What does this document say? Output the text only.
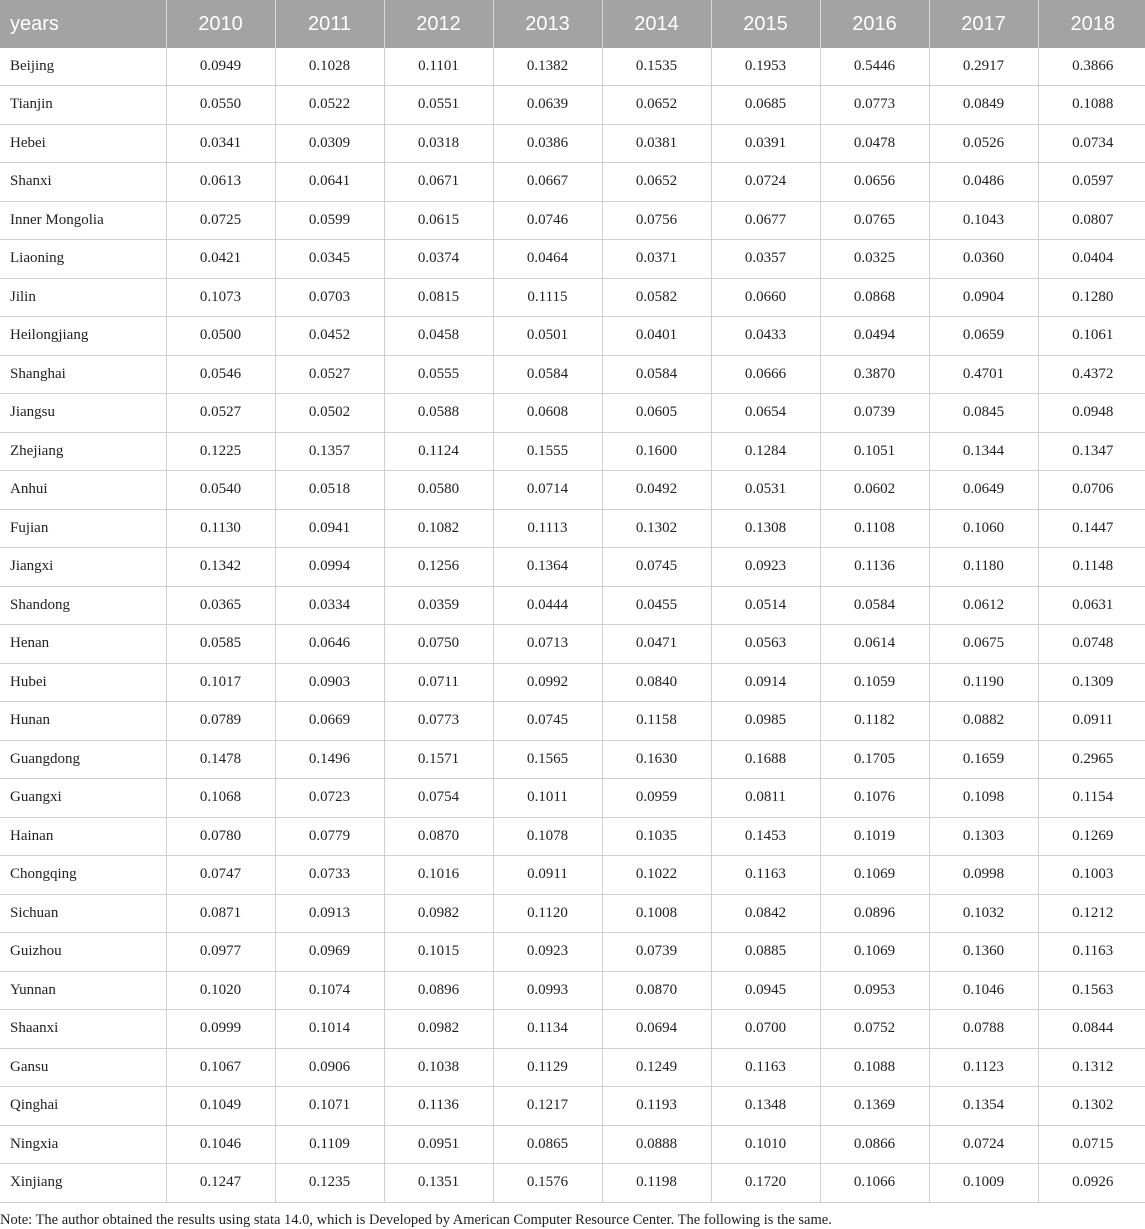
years	2010	2011	2012	2013	2014	2015	2016	2017	2018
Beijing	0.0949	0.1028	0.1101	0.1382	0.1535	0.1953	0.5446	0.2917	0.3866
Tianjin	0.0550	0.0522	0.0551	0.0639	0.0652	0.0685	0.0773	0.0849	0.1088
Hebei	0.0341	0.0309	0.0318	0.0386	0.0381	0.0391	0.0478	0.0526	0.0734
Shanxi	0.0613	0.0641	0.0671	0.0667	0.0652	0.0724	0.0656	0.0486	0.0597
Inner Mongolia	0.0725	0.0599	0.0615	0.0746	0.0756	0.0677	0.0765	0.1043	0.0807
Liaoning	0.0421	0.0345	0.0374	0.0464	0.0371	0.0357	0.0325	0.0360	0.0404
Jilin	0.1073	0.0703	0.0815	0.1115	0.0582	0.0660	0.0868	0.0904	0.1280
Heilongjiang	0.0500	0.0452	0.0458	0.0501	0.0401	0.0433	0.0494	0.0659	0.1061
Shanghai	0.0546	0.0527	0.0555	0.0584	0.0584	0.0666	0.3870	0.4701	0.4372
Jiangsu	0.0527	0.0502	0.0588	0.0608	0.0605	0.0654	0.0739	0.0845	0.0948
Zhejiang	0.1225	0.1357	0.1124	0.1555	0.1600	0.1284	0.1051	0.1344	0.1347
Anhui	0.0540	0.0518	0.0580	0.0714	0.0492	0.0531	0.0602	0.0649	0.0706
Fujian	0.1130	0.0941	0.1082	0.1113	0.1302	0.1308	0.1108	0.1060	0.1447
Jiangxi	0.1342	0.0994	0.1256	0.1364	0.0745	0.0923	0.1136	0.1180	0.1148
Shandong	0.0365	0.0334	0.0359	0.0444	0.0455	0.0514	0.0584	0.0612	0.0631
Henan	0.0585	0.0646	0.0750	0.0713	0.0471	0.0563	0.0614	0.0675	0.0748
Hubei	0.1017	0.0903	0.0711	0.0992	0.0840	0.0914	0.1059	0.1190	0.1309
Hunan	0.0789	0.0669	0.0773	0.0745	0.1158	0.0985	0.1182	0.0882	0.0911
Guangdong	0.1478	0.1496	0.1571	0.1565	0.1630	0.1688	0.1705	0.1659	0.2965
Guangxi	0.1068	0.0723	0.0754	0.1011	0.0959	0.0811	0.1076	0.1098	0.1154
Hainan	0.0780	0.0779	0.0870	0.1078	0.1035	0.1453	0.1019	0.1303	0.1269
Chongqing	0.0747	0.0733	0.1016	0.0911	0.1022	0.1163	0.1069	0.0998	0.1003
Sichuan	0.0871	0.0913	0.0982	0.1120	0.1008	0.0842	0.0896	0.1032	0.1212
Guizhou	0.0977	0.0969	0.1015	0.0923	0.0739	0.0885	0.1069	0.1360	0.1163
Yunnan	0.1020	0.1074	0.0896	0.0993	0.0870	0.0945	0.0953	0.1046	0.1563
Shaanxi	0.0999	0.1014	0.0982	0.1134	0.0694	0.0700	0.0752	0.0788	0.0844
Gansu	0.1067	0.0906	0.1038	0.1129	0.1249	0.1163	0.1088	0.1123	0.1312
Qinghai	0.1049	0.1071	0.1136	0.1217	0.1193	0.1348	0.1369	0.1354	0.1302
Ningxia	0.1046	0.1109	0.0951	0.0865	0.0888	0.1010	0.0866	0.0724	0.0715
Xinjiang	0.1247	0.1235	0.1351	0.1576	0.1198	0.1720	0.1066	0.1009	0.0926
Note: The author obtained the results using stata 14.0, which is Developed by American Computer Resource Center. The following is the same.
